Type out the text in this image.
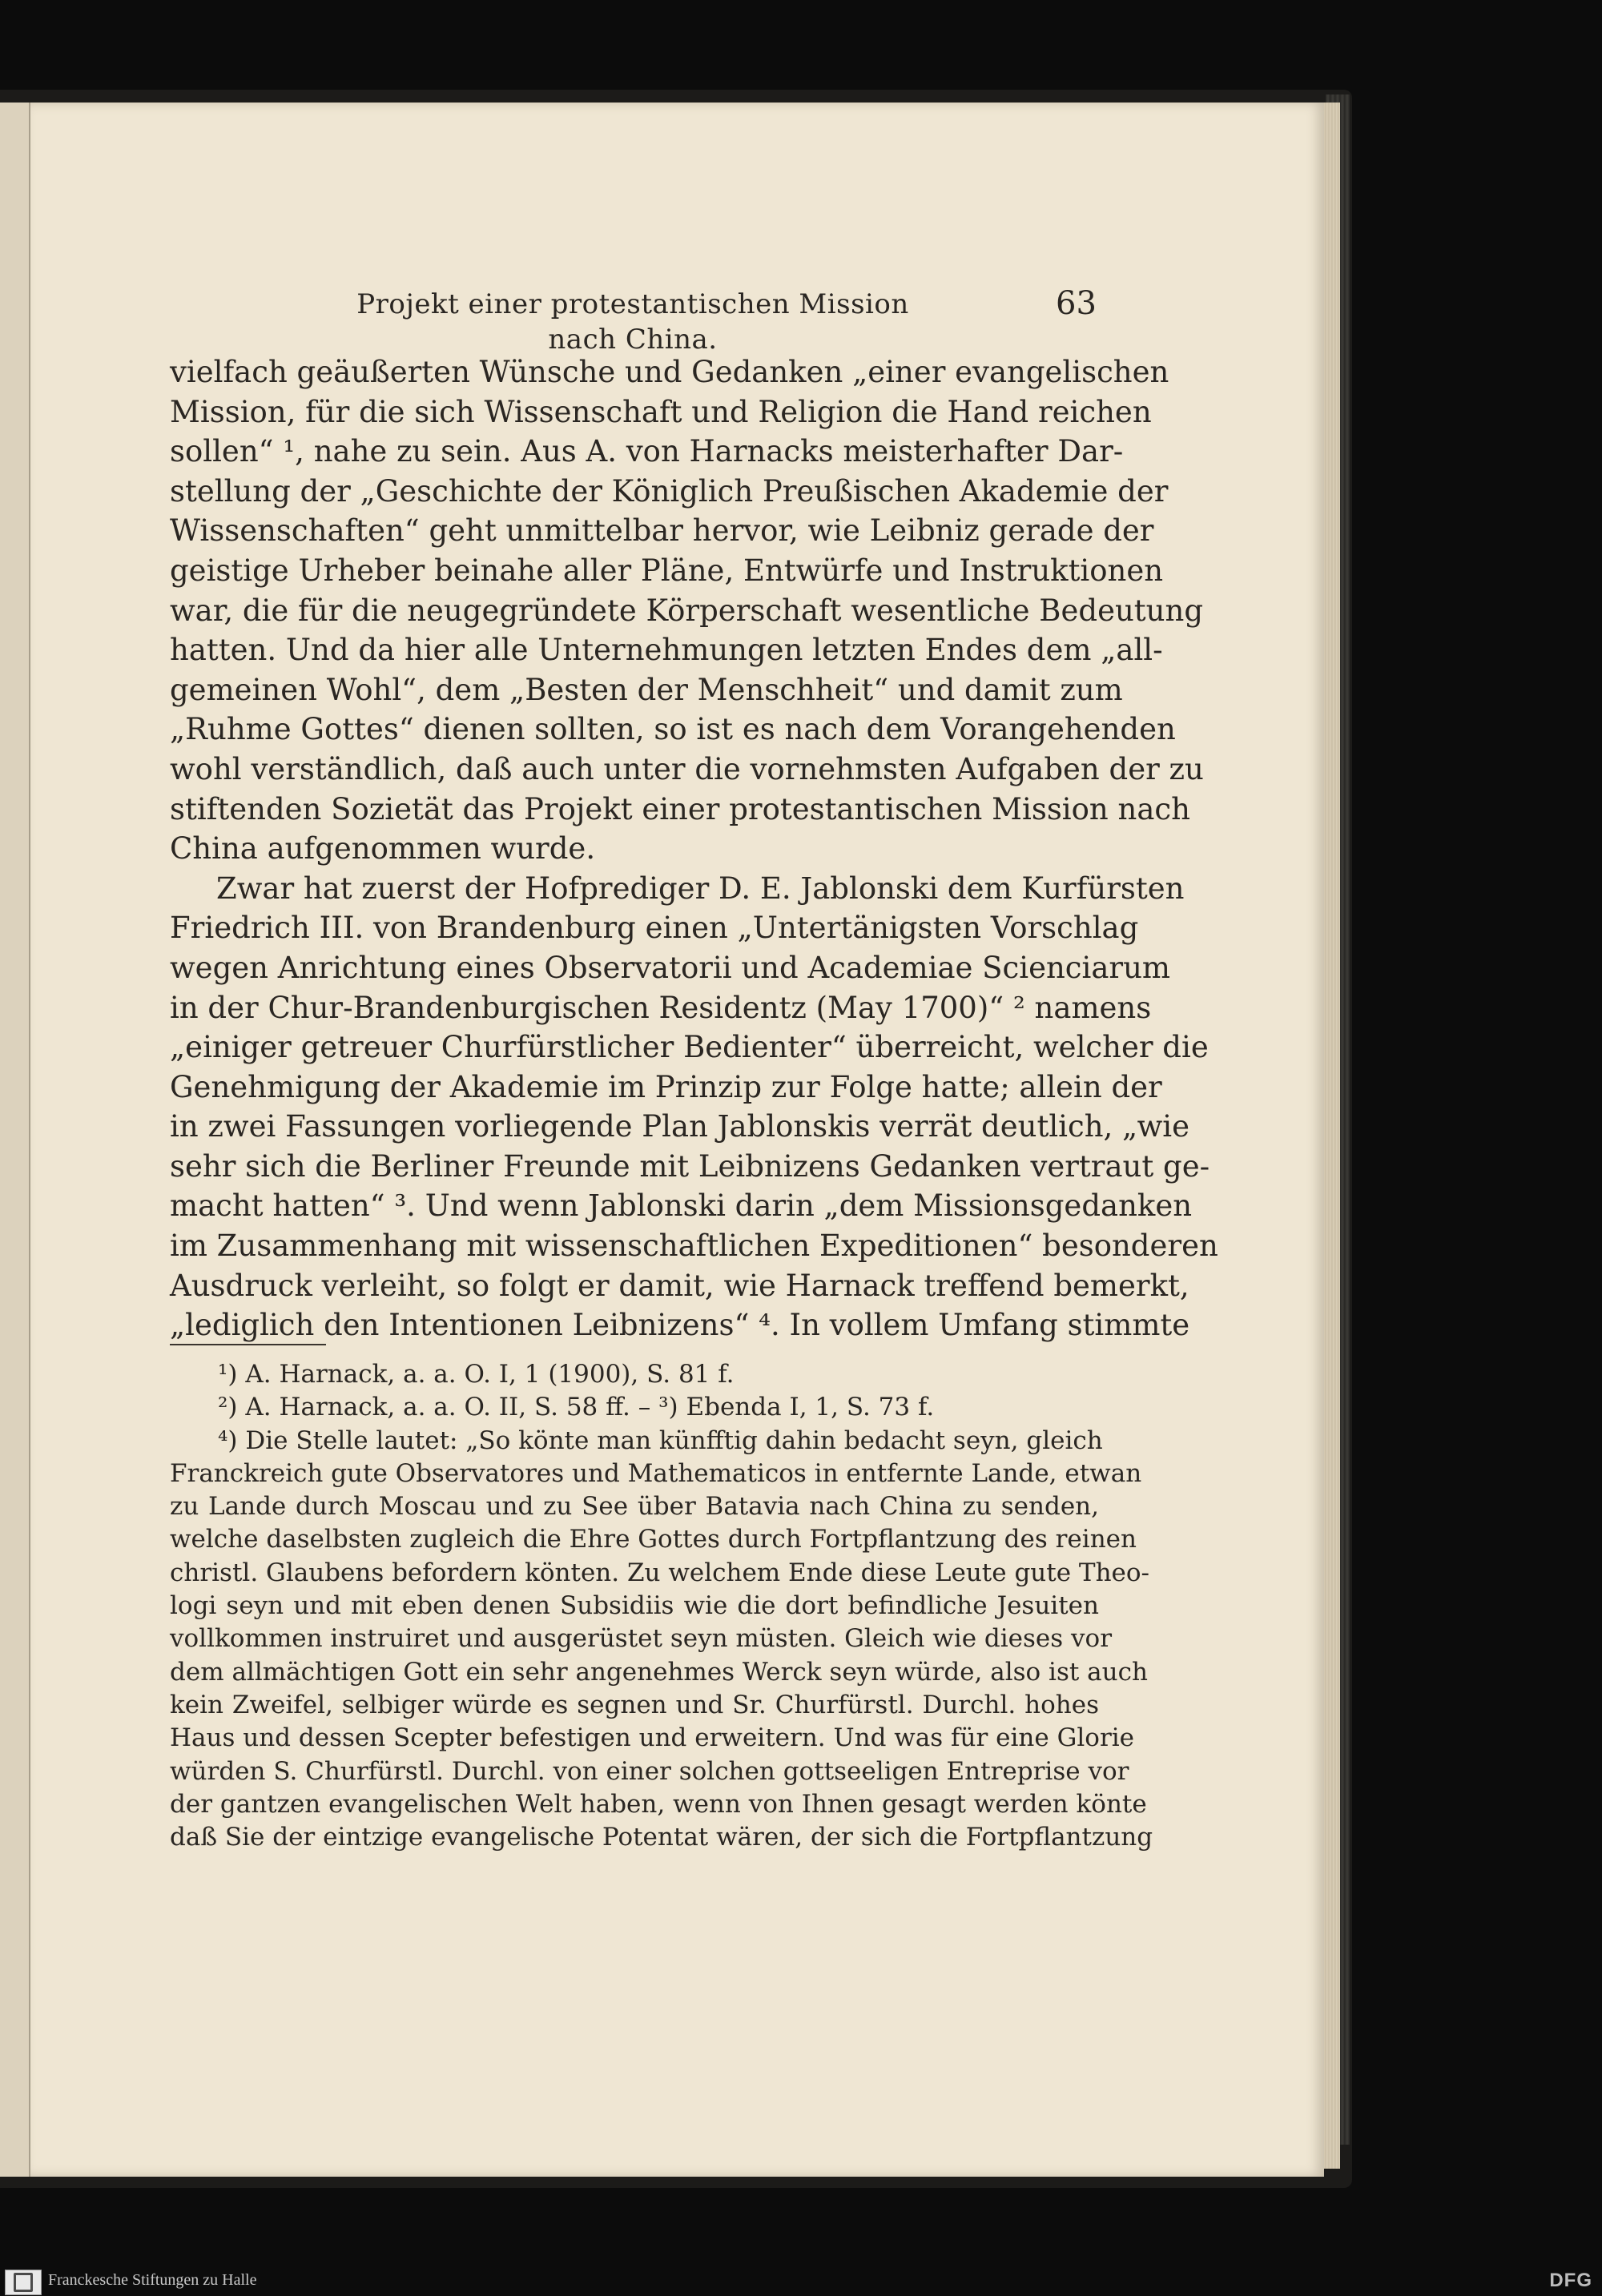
Projekt einer protestantischen Mission nach China.
63
vielfach geäußerten Wünsche und Gedanken „einer evangelischen
Mission, für die sich Wissenschaft und Religion die Hand reichen
sollen“ ¹, nahe zu sein. Aus A. von Harnacks meisterhafter Dar-
stellung der „Geschichte der Königlich Preußischen Akademie der
Wissenschaften“ geht unmittelbar hervor, wie Leibniz gerade der
geistige Urheber beinahe aller Pläne, Entwürfe und Instruktionen
war, die für die neugegründete Körperschaft wesentliche Bedeutung
hatten. Und da hier alle Unternehmungen letzten Endes dem „all-
gemeinen Wohl“, dem „Besten der Menschheit“ und damit zum
„Ruhme Gottes“ dienen sollten, so ist es nach dem Vorangehenden
wohl verständlich, daß auch unter die vornehmsten Aufgaben der zu
stiftenden Sozietät das Projekt einer protestantischen Mission nach
China aufgenommen wurde.
Zwar hat zuerst der Hofprediger D. E. Jablonski dem Kurfürsten
Friedrich III. von Brandenburg einen „Untertänigsten Vorschlag
wegen Anrichtung eines Observatorii und Academiae Scienciarum
in der Chur-Brandenburgischen Residentz (May 1700)“ ² namens
„einiger getreuer Churfürstlicher Bedienter“ überreicht, welcher die
Genehmigung der Akademie im Prinzip zur Folge hatte; allein der
in zwei Fassungen vorliegende Plan Jablonskis verrät deutlich, „wie
sehr sich die Berliner Freunde mit Leibnizens Gedanken vertraut ge-
macht hatten“ ³. Und wenn Jablonski darin „dem Missionsgedanken
im Zusammenhang mit wissenschaftlichen Expeditionen“ besonderen
Ausdruck verleiht, so folgt er damit, wie Harnack treffend bemerkt,
„lediglich den Intentionen Leibnizens“ ⁴. In vollem Umfang stimmte
¹) A. Harnack, a. a. O. I, 1 (1900), S. 81 f.
²) A. Harnack, a. a. O. II, S. 58 ff. – ³) Ebenda I, 1, S. 73 f.
⁴) Die Stelle lautet: „So könte man künfftig dahin bedacht seyn, gleich
Franckreich gute Observatores und Mathematicos in entfernte Lande, etwan
zu Lande durch Moscau und zu See über Batavia nach China zu senden,
welche daselbsten zugleich die Ehre Gottes durch Fortpflantzung des reinen
christl. Glaubens befordern könten. Zu welchem Ende diese Leute gute Theo-
logi seyn und mit eben denen Subsidiis wie die dort befindliche Jesuiten
vollkommen instruiret und ausgerüstet seyn müsten. Gleich wie dieses vor
dem allmächtigen Gott ein sehr angenehmes Werck seyn würde, also ist auch
kein Zweifel, selbiger würde es segnen und Sr. Churfürstl. Durchl. hohes
Haus und dessen Scepter befestigen und erweitern. Und was für eine Glorie
würden S. Churfürstl. Durchl. von einer solchen gottseeligen Entreprise vor
der gantzen evangelischen Welt haben, wenn von Ihnen gesagt werden könte
daß Sie der eintzige evangelische Potentat wären, der sich die Fortpflantzung
Franckesche Stiftungen zu Halle	DFG
